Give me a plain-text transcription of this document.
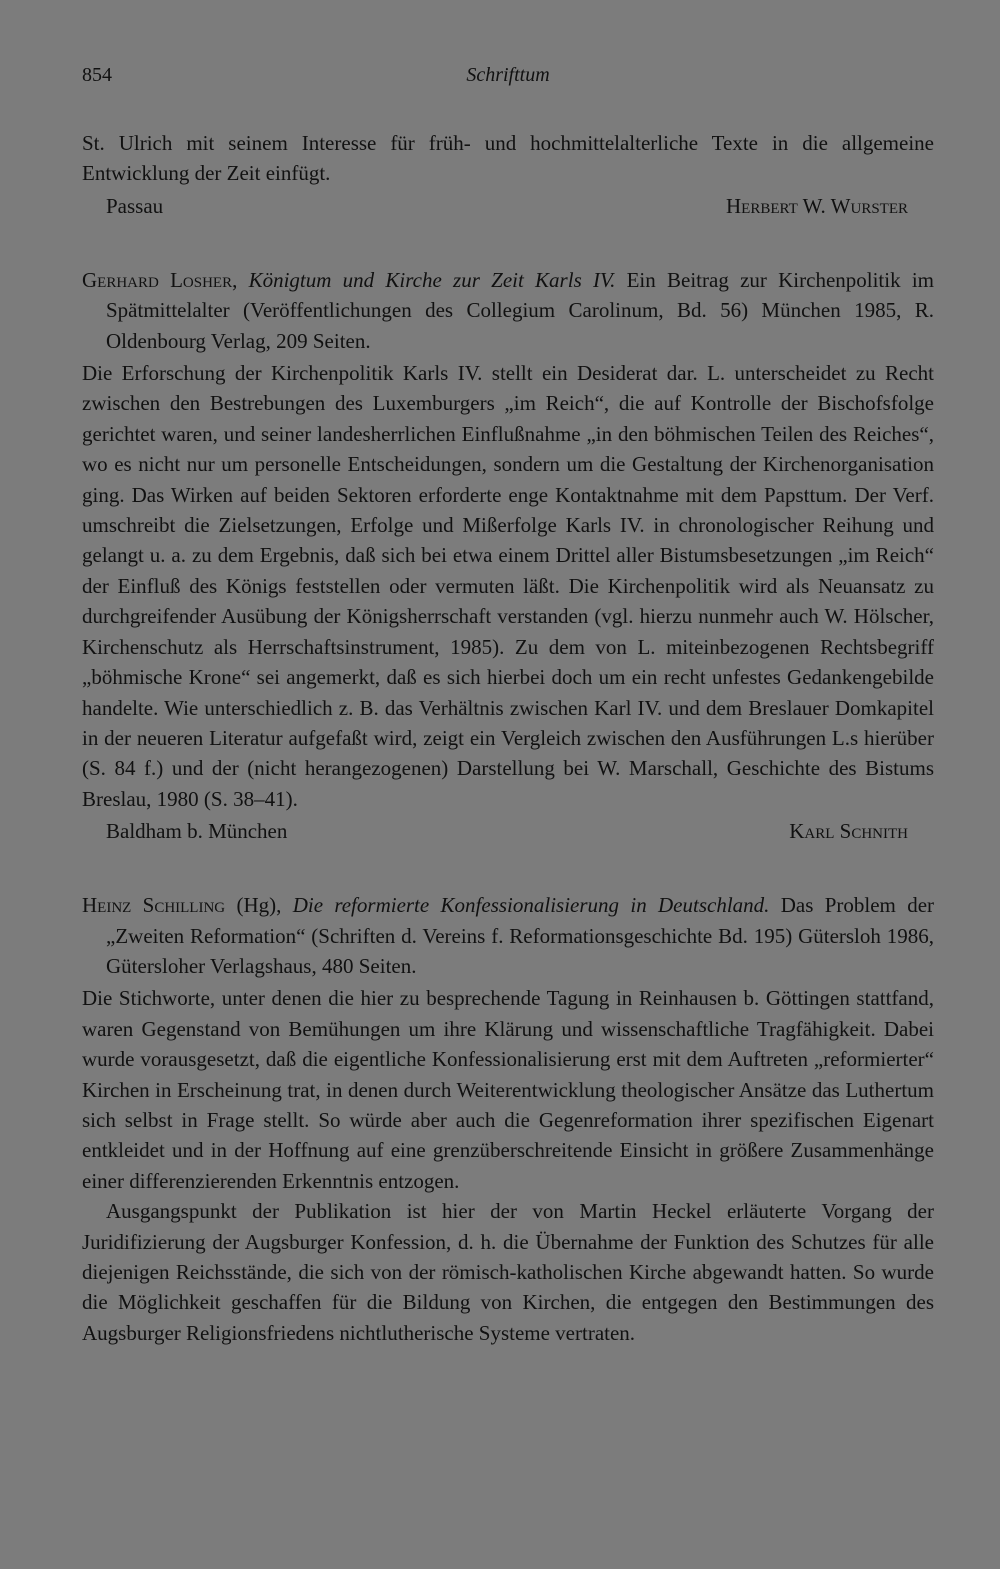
854	Schrifttum

St. Ulrich mit seinem Interesse für früh- und hochmittelalterliche Texte in die allgemeine Entwicklung der Zeit einfügt.

Passau	Herbert W. Wurster

Gerhard Losher, Königtum und Kirche zur Zeit Karls IV. Ein Beitrag zur Kirchenpolitik im Spätmittelalter (Veröffentlichungen des Collegium Carolinum, Bd. 56) München 1985, R. Oldenbourg Verlag, 209 Seiten.

Die Erforschung der Kirchenpolitik Karls IV. stellt ein Desiderat dar. L. unterscheidet zu Recht zwischen den Bestrebungen des Luxemburgers „im Reich“, die auf Kontrolle der Bischofsfolge gerichtet waren, und seiner landesherrlichen Einflußnahme „in den böhmischen Teilen des Reiches“, wo es nicht nur um personelle Entscheidungen, sondern um die Gestaltung der Kirchenorganisation ging. Das Wirken auf beiden Sektoren erforderte enge Kontaktnahme mit dem Papsttum. Der Verf. umschreibt die Zielsetzungen, Erfolge und Mißerfolge Karls IV. in chronologischer Reihung und gelangt u. a. zu dem Ergebnis, daß sich bei etwa einem Drittel aller Bistumsbesetzungen „im Reich“ der Einfluß des Königs feststellen oder vermuten läßt. Die Kirchenpolitik wird als Neuansatz zu durchgreifender Ausübung der Königsherrschaft verstanden (vgl. hierzu nunmehr auch W. Hölscher, Kirchenschutz als Herrschaftsinstrument, 1985). Zu dem von L. miteinbezogenen Rechtsbegriff „böhmische Krone“ sei angemerkt, daß es sich hierbei doch um ein recht unfestes Gedankengebilde handelte. Wie unterschiedlich z. B. das Verhältnis zwischen Karl IV. und dem Breslauer Domkapitel in der neueren Literatur aufgefaßt wird, zeigt ein Vergleich zwischen den Ausführungen L.s hierüber (S. 84 f.) und der (nicht herangezogenen) Darstellung bei W. Marschall, Geschichte des Bistums Breslau, 1980 (S. 38–41).

Baldham b. München	Karl Schnith

Heinz Schilling (Hg), Die reformierte Konfessionalisierung in Deutschland. Das Problem der „Zweiten Reformation“ (Schriften d. Vereins f. Reformationsgeschichte Bd. 195) Gütersloh 1986, Gütersloher Verlagshaus, 480 Seiten.

Die Stichworte, unter denen die hier zu besprechende Tagung in Reinhausen b. Göttingen stattfand, waren Gegenstand von Bemühungen um ihre Klärung und wissenschaftliche Tragfähigkeit. Dabei wurde vorausgesetzt, daß die eigentliche Konfessionalisierung erst mit dem Auftreten „reformierter“ Kirchen in Erscheinung trat, in denen durch Weiterentwicklung theologischer Ansätze das Luthertum sich selbst in Frage stellt. So würde aber auch die Gegenreformation ihrer spezifischen Eigenart entkleidet und in der Hoffnung auf eine grenzüberschreitende Einsicht in größere Zusammenhänge einer differenzierenden Erkenntnis entzogen.

Ausgangspunkt der Publikation ist hier der von Martin Heckel erläuterte Vorgang der Juridifizierung der Augsburger Konfession, d. h. die Übernahme der Funktion des Schutzes für alle diejenigen Reichsstände, die sich von der römisch-katholischen Kirche abgewandt hatten. So wurde die Möglichkeit geschaffen für die Bildung von Kirchen, die entgegen den Bestimmungen des Augsburger Religionsfriedens nichtlutherische Systeme vertraten.
